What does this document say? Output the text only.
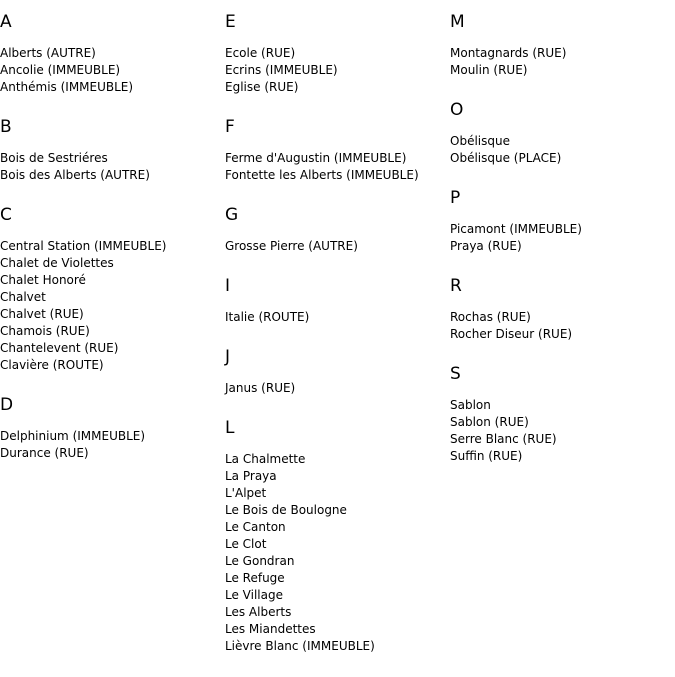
A
Alberts (AUTRE)
Ancolie (IMMEUBLE)
Anthémis (IMMEUBLE)
B
Bois de Sestriéres
Bois des Alberts (AUTRE)
C
Central Station (IMMEUBLE)
Chalet de Violettes
Chalet Honoré
Chalvet
Chalvet (RUE)
Chamois (RUE)
Chantelevent (RUE)
Clavière (ROUTE)
D
Delphinium (IMMEUBLE)
Durance (RUE)
E
Ecole (RUE)
Ecrins (IMMEUBLE)
Eglise (RUE)
F
Ferme d'Augustin (IMMEUBLE)
Fontette les Alberts (IMMEUBLE)
G
Grosse Pierre (AUTRE)
I
Italie (ROUTE)
J
Janus (RUE)
L
La Chalmette
La Praya
L'Alpet
Le Bois de Boulogne
Le Canton
Le Clot
Le Gondran
Le Refuge
Le Village
Les Alberts
Les Miandettes
Lièvre Blanc (IMMEUBLE)
M
Montagnards (RUE)
Moulin (RUE)
O
Obélisque
Obélisque (PLACE)
P
Picamont (IMMEUBLE)
Praya (RUE)
R
Rochas (RUE)
Rocher Diseur (RUE)
S
Sablon
Sablon (RUE)
Serre Blanc (RUE)
Suffin (RUE)
